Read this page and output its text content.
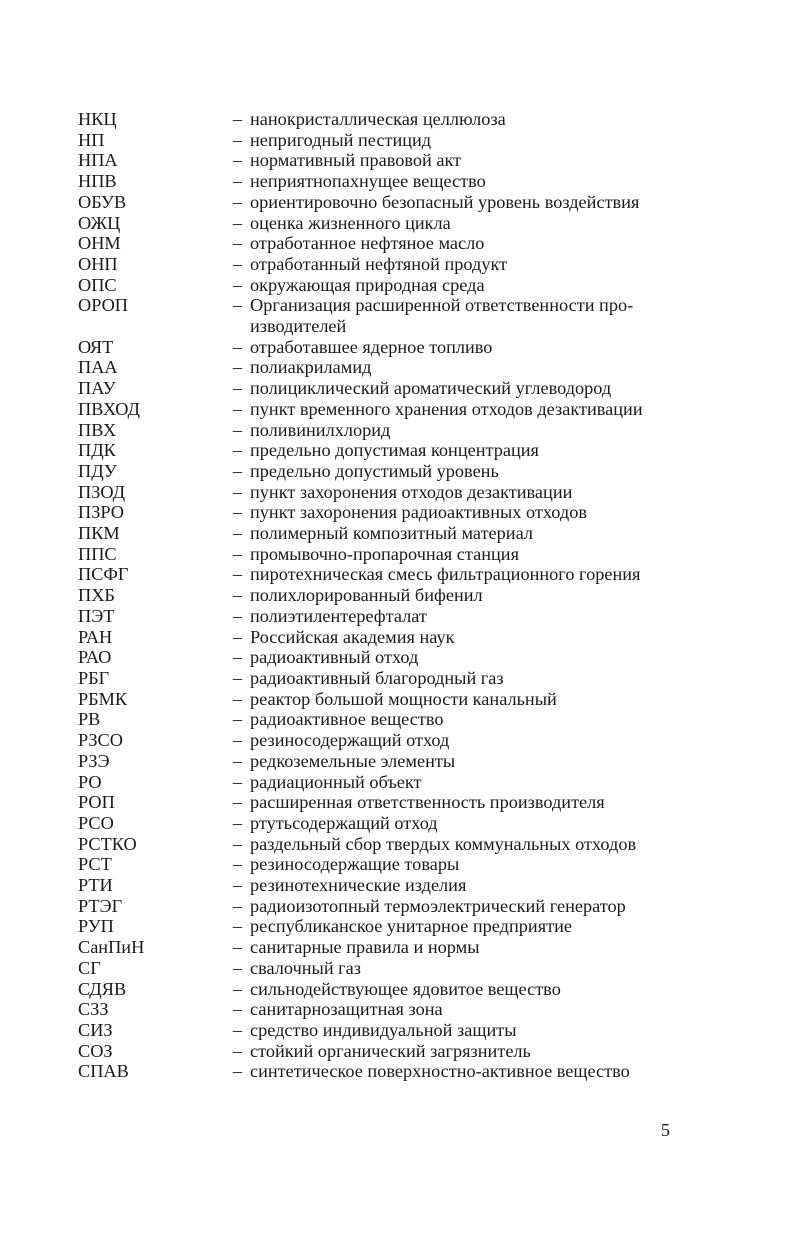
НКЦ	– нанокристаллическая целлюлоза
НП	– непригодный пестицид
НПА	– нормативный правовой акт
НПВ	– неприятнопахнущее вещество
ОБУВ	– ориентировочно безопасный уровень воздействия
ОЖЦ	– оценка жизненного цикла
ОНМ	– отработанное нефтяное масло
ОНП	– отработанный нефтяной продукт
ОПС	– окружающая природная среда
ОРОП	– Организация расширенной ответственности про-
изводителей
ОЯТ	– отработавшее ядерное топливо
ПАА	– полиакриламид
ПАУ	– полициклический ароматический углеводород
ПВХОД	– пункт временного хранения отходов дезактивации
ПВХ	– поливинилхлорид
ПДК	– предельно допустимая концентрация
ПДУ	– предельно допустимый уровень
ПЗОД	– пункт захоронения отходов дезактивации
ПЗРО	– пункт захоронения радиоактивных отходов
ПКМ	– полимерный композитный материал
ППС	– промывочно-пропарочная станция
ПСФГ	– пиротехническая смесь фильтрационного горения
ПХБ	– полихлорированный бифенил
ПЭТ	– полиэтилентерефталат
РАН	– Российская академия наук
РАО	– радиоактивный отход
РБГ	– радиоактивный благородный газ
РБМК	– реактор большой мощности канальный
РВ	– радиоактивное вещество
РЗСО	– резиносодержащий отход
РЗЭ	– редкоземельные элементы
РО	– радиационный объект
РОП	– расширенная ответственность производителя
РСО	– ртутьсодержащий отход
РСТКО	– раздельный сбор твердых коммунальных отходов
РСТ	– резиносодержащие товары
РТИ	– резинотехнические изделия
РТЭГ	– радиоизотопный термоэлектрический генератор
РУП	– республиканское унитарное предприятие
СанПиН	– санитарные правила и нормы
СГ	– свалочный газ
СДЯВ	– сильнодействующее ядовитое вещество
СЗЗ	– санитарнозащитная зона
СИЗ	– средство индивидуальной защиты
СОЗ	– стойкий органический загрязнитель
СПАВ	– синтетическое поверхностно-активное вещество
5
